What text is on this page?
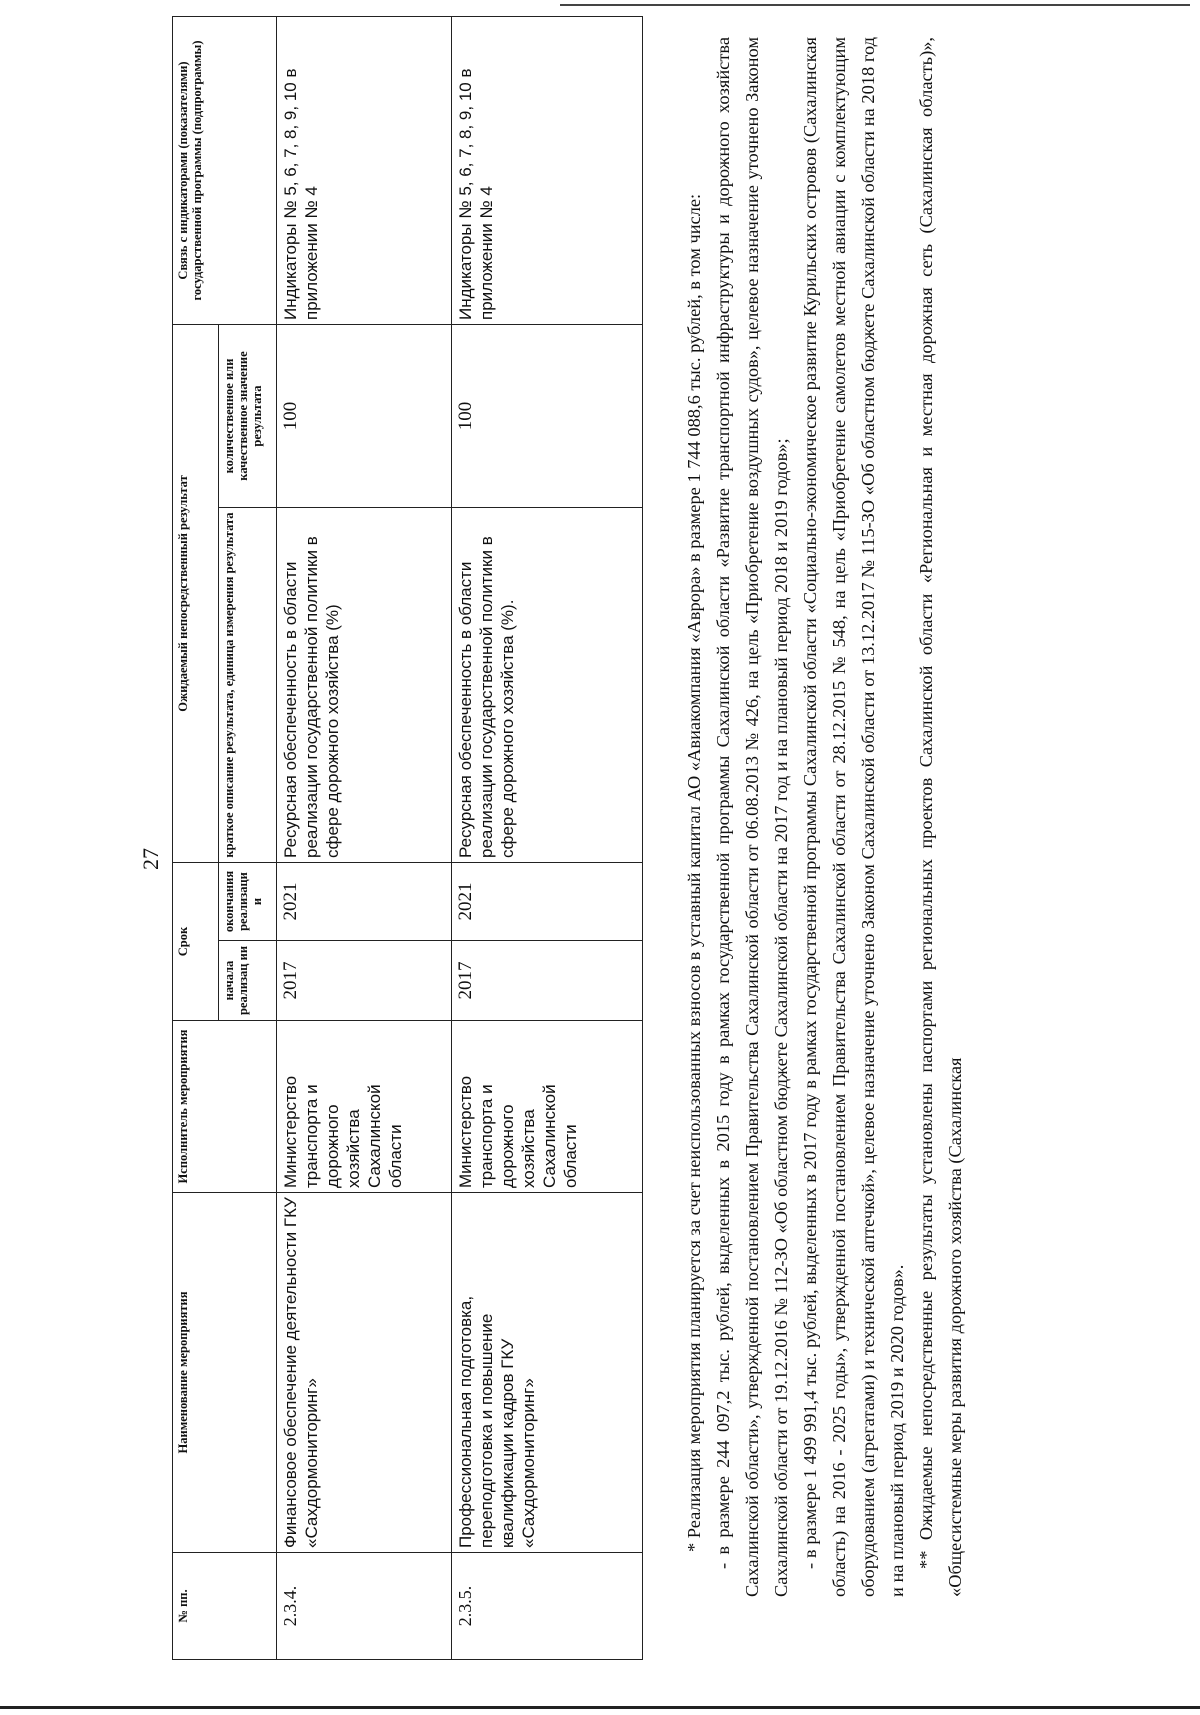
27
№ пп.	Наименование мероприятия	Исполнитель мероприятия	Срок		Ожидаемый непосредственный результат		Связь с индикаторами (показателями) государственной программы (подпрограммы)
			начала реализац ии	окончания реализаци и	краткое описание результата, единица измерения результата	количественное или качественное значение результата	
2.3.4.	Финансовое обеспечение деятельности ГКУ «Сахдормониторинг»	Министерство транспорта и дорожного хозяйства Сахалинской области	2017	2021	Ресурсная обеспеченность в области реализации государственной политики в сфере дорожного хозяйства (%)	100	Индикаторы № 5, 6, 7, 8, 9, 10 в приложении № 4
2.3.5.	Профессиональная подготовка, переподготовка и повышение квалификации кадров ГКУ «Сахдормониторинг»	Министерство транспорта и дорожного хозяйства Сахалинской области	2017	2021	Ресурсная обеспеченность в области реализации государственной политики в сфере дорожного хозяйства (%).	100	Индикаторы № 5, 6, 7, 8, 9, 10 в приложении № 4	* Реализация мероприятия планируется за счет неиспользованных взносов в уставный капитал АО «Авиакомпания «Аврора» в размере 1 744 088,6 тыс. рублей, в том числе: - в размере 244 097,2 тыс. рублей, выделенных в 2015 году в рамках государственной программы Сахалинской области «Развитие транспортной инфраструктуры и дорожного хозяйства Сахалинской области», утвержденной постановлением Правительства Сахалинской области от 06.08.2013 № 426, на цель «Приобретение воздушных судов», целевое назначение уточнено Законом Сахалинской области от 19.12.2016 № 112-ЗО «Об областном бюджете Сахалинской области на 2017 год и на плановый период 2018 и 2019 годов»; - в размере 1 499 991,4 тыс. рублей, выделенных в 2017 году в рамках государственной программы Сахалинской области «Социально-экономическое развитие Курильских островов (Сахалинская область) на 2016 - 2025 годы», утвержденной постановлением Правительства Сахалинской области от 28.12.2015 № 548, на цель «Приобретение самолетов местной авиации с комплектующим оборудованием (агрегатами) и технической аптечкой», целевое назначение уточнено Законом Сахалинской области от 13.12.2017 № 115-ЗО «Об областном бюджете Сахалинской области на 2018 год и на плановый период 2019 и 2020 годов». ** Ожидаемые непосредственные результаты установлены паспортами региональных проектов Сахалинской области «Региональная и местная дорожная сеть (Сахалинская область)», «Общесистемные меры развития дорожного хозяйства (Сахалинская
